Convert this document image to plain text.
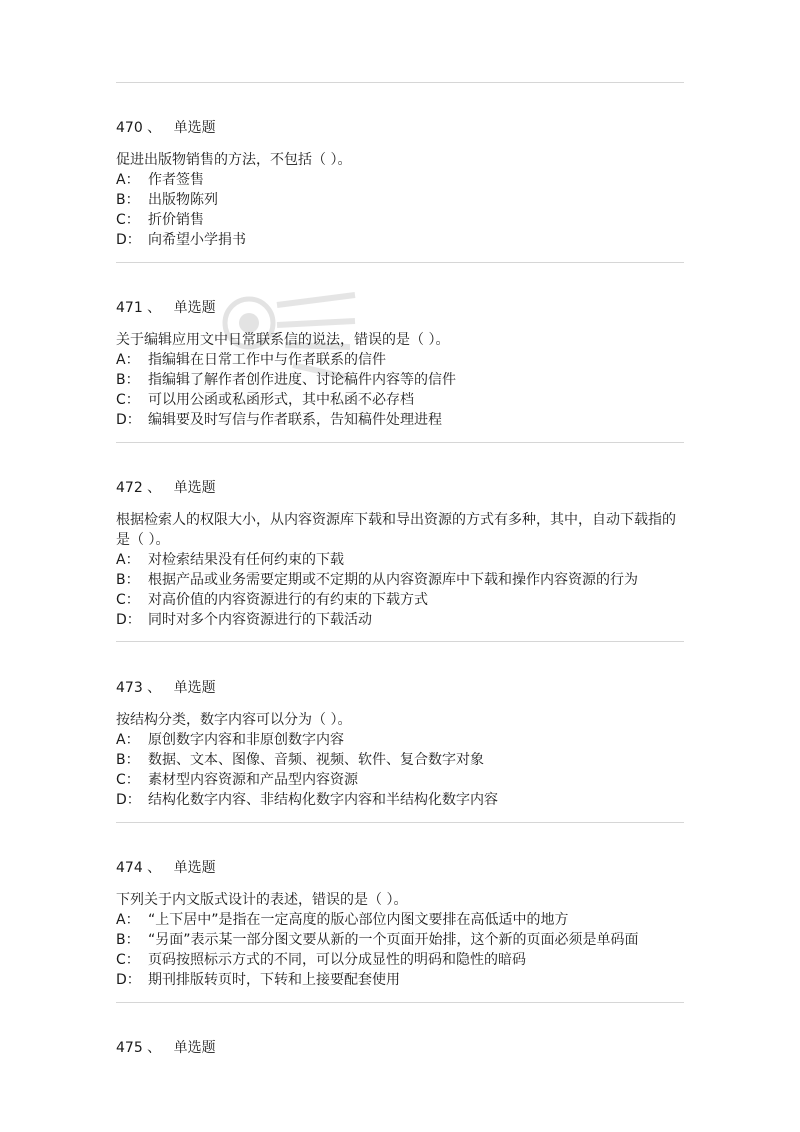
470 、 单选题
促进出版物销售的方法，不包括（ ）。
A： 作者签售
B： 出版物陈列
C： 折价销售
D： 向希望小学捐书
471 、 单选题
关于编辑应用文中日常联系信的说法，错误的是（ ）。
A： 指编辑在日常工作中与作者联系的信件
B： 指编辑了解作者创作进度、讨论稿件内容等的信件
C： 可以用公函或私函形式，其中私函不必存档
D： 编辑要及时写信与作者联系，告知稿件处理进程
472 、 单选题
根据检索人的权限大小，从内容资源库下载和导出资源的方式有多种，其中，自动下载指的是（ ）。
A： 对检索结果没有任何约束的下载
B： 根据产品或业务需要定期或不定期的从内容资源库中下载和操作内容资源的行为
C： 对高价值的内容资源进行的有约束的下载方式
D： 同时对多个内容资源进行的下载活动
473 、 单选题
按结构分类，数字内容可以分为（ ）。
A： 原创数字内容和非原创数字内容
B： 数据、文本、图像、音频、视频、软件、复合数字对象
C： 素材型内容资源和产品型内容资源
D： 结构化数字内容、非结构化数字内容和半结构化数字内容
474 、 单选题
下列关于内文版式设计的表述，错误的是（ ）。
A： “上下居中”是指在一定高度的版心部位内图文要排在高低适中的地方
B： “另面”表示某一部分图文要从新的一个页面开始排，这个新的页面必须是单码面
C： 页码按照标示方式的不同，可以分成显性的明码和隐性的暗码
D： 期刊排版转页时，下转和上接要配套使用
475 、 单选题
